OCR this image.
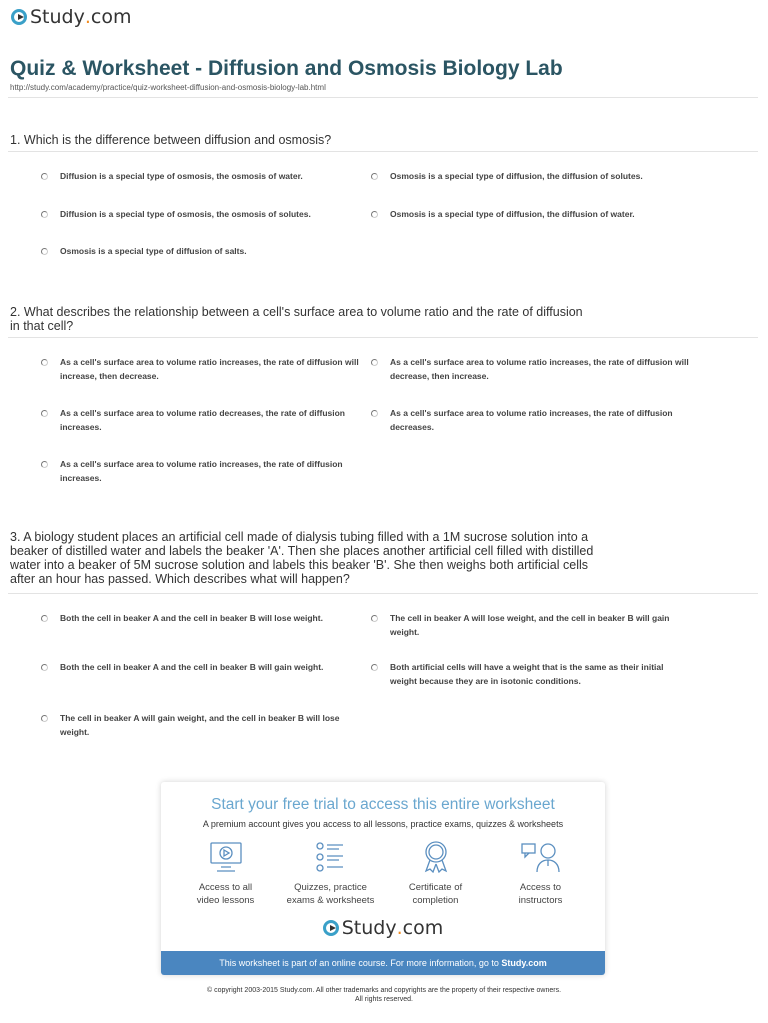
Study . com
Quiz & Worksheet - Diffusion and Osmosis Biology Lab
http://study.com/academy/practice/quiz-worksheet-diffusion-and-osmosis-biology-lab.html
1. Which is the difference between diffusion and osmosis?
2. What describes the relationship between a cell's surface area to volume ratio and the rate of diffusion in that cell?
3. A biology student places an artificial cell made of dialysis tubing filled with a 1M sucrose solution into a beaker of distilled water and labels the beaker 'A'. Then she places another artificial cell filled with distilled water into a beaker of 5M sucrose solution and labels this beaker 'B'. She then weighs both artificial cells after an hour has passed. Which describes what will happen?
Diffusion is a special type of osmosis, the osmosis of water.	Osmosis is a special type of diffusion, the diffusion of solutes.
Diffusion is a special type of osmosis, the osmosis of solutes.	Osmosis is a special type of diffusion, the diffusion of water.
Osmosis is a special type of diffusion of salts.
As a cell's surface area to volume ratio increases, the rate of diffusion will increase, then decrease.
As a cell's surface area to volume ratio increases, the rate of diffusion will decrease, then increase.
As a cell's surface area to volume ratio decreases, the rate of diffusion increases.
As a cell's surface area to volume ratio increases, the rate of diffusion decreases.
As a cell's surface area to volume ratio increases, the rate of diffusion increases.
Both the cell in beaker A and the cell in beaker B will lose weight.	The cell in beaker A will lose weight, and the cell in beaker B will gain weight.
Both the cell in beaker A and the cell in beaker B will gain weight.	Both artificial cells will have a weight that is the same as their initial weight because they are in isotonic conditions.
The cell in beaker A will gain weight, and the cell in beaker B will lose weight.
Start your free trial to access this entire worksheet
A premium account gives you access to all lessons, practice exams, quizzes & worksheets
Access to all
video lessons
Quizzes, practice
exams & worksheets
Certificate of
completion
Access to
instructors
Study . com
This worksheet is part of an online course. For more information, go to Study.com
© copyright 2003-2015 Study.com. All other trademarks and copyrights are the property of their respective owners.
All rights reserved.
